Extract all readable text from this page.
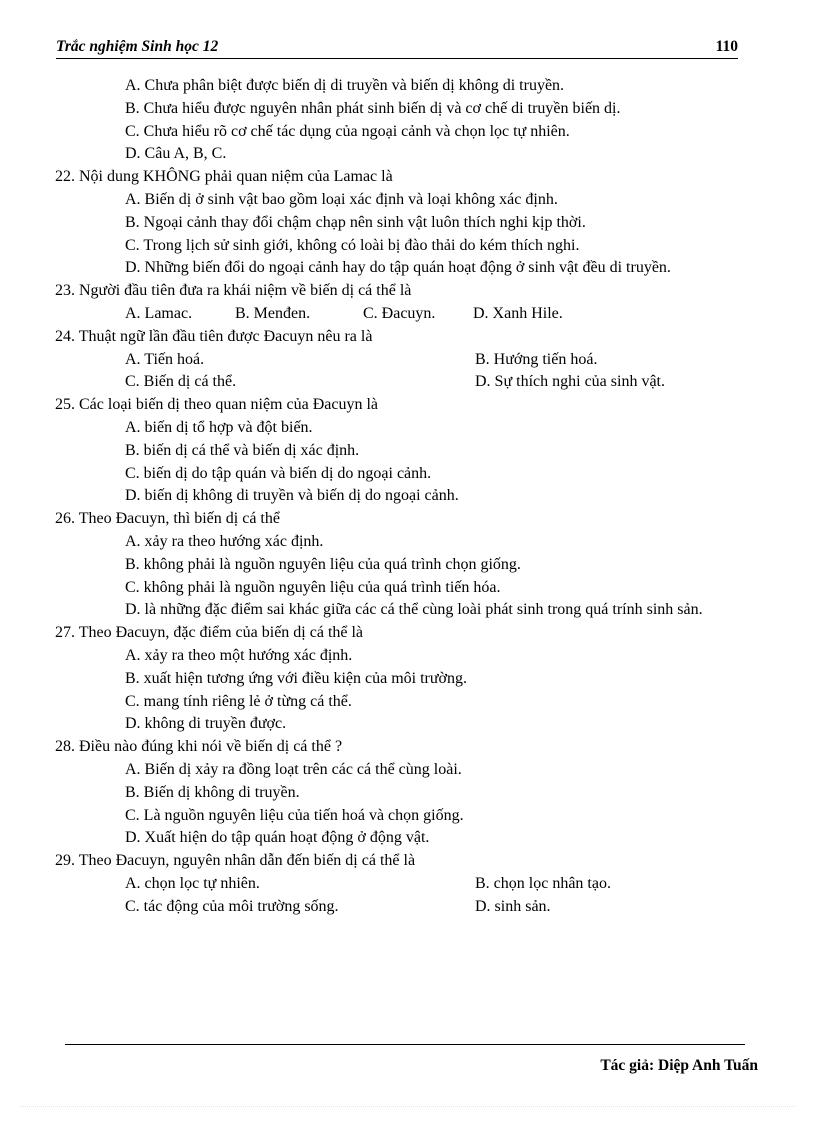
Trắc nghiệm Sinh học 12	110
A. Chưa phân biệt được biến dị di truyền và biến dị không di truyền.
B. Chưa hiểu được nguyên nhân phát sinh biến dị và cơ chế di truyền biến dị.
C. Chưa hiểu rõ cơ chế tác dụng của ngoại cảnh và chọn lọc tự nhiên.
D. Câu A, B, C.
22. Nội dung KHÔNG phải quan niệm của Lamac là
A. Biến dị ở sinh vật bao gồm loại xác định và loại không xác định.
B. Ngoại cảnh thay đổi chậm chạp nên sinh vật luôn thích nghi kịp thời.
C. Trong lịch sử sinh giới, không có loài bị đào thải do kém thích nghi.
D. Những biến đổi do ngoại cảnh hay do tập quán hoạt động ở sinh vật đều di truyền.
23. Người đầu tiên đưa ra khái niệm về biến dị cá thể là
A. Lamac.	B. Menđen.	C. Đacuyn.	D. Xanh Hile.
24. Thuật ngữ lần đầu tiên được Đacuyn nêu ra là
A. Tiến hoá.	B. Hướng tiến hoá.
C. Biến dị cá thể.	D. Sự thích nghi của sinh vật.
25. Các loại biến dị theo quan niệm của Đacuyn là
A. biến dị tổ hợp và đột biến.
B. biến dị cá thể và biến dị xác định.
C. biến dị do tập quán và biến dị do ngoại cảnh.
D. biến dị không di truyền và biến dị do ngoại cảnh.
26. Theo Đacuyn, thì biến dị cá thể
A. xảy ra theo hướng xác định.
B. không phải là nguồn nguyên liệu của quá trình chọn giống.
C. không phải là nguồn nguyên liệu của quá trình tiến hóa.
D. là những đặc điểm sai khác giữa các cá thể cùng loài phát sinh trong quá trính sinh sản.
27. Theo Đacuyn, đặc điểm của biến dị cá thể là
A. xảy ra theo một hướng xác định.
B. xuất hiện tương ứng với điều kiện của môi trường.
C. mang tính riêng lẻ ở từng cá thể.
D. không di truyền được.
28. Điều nào đúng khi nói về biến dị cá thể ?
A. Biến dị xảy ra đồng loạt trên các cá thể cùng loài.
B. Biến dị không di truyền.
C. Là nguồn nguyên liệu của tiến hoá và chọn giống.
D. Xuất hiện do tập quán hoạt động ở động vật.
29. Theo Đacuyn, nguyên nhân dẫn đến biến dị cá thể là
A. chọn lọc tự nhiên.	B. chọn lọc nhân tạo.
C. tác động của môi trường sống.	D. sinh sản.
Tác giả: Diệp Anh Tuấn
